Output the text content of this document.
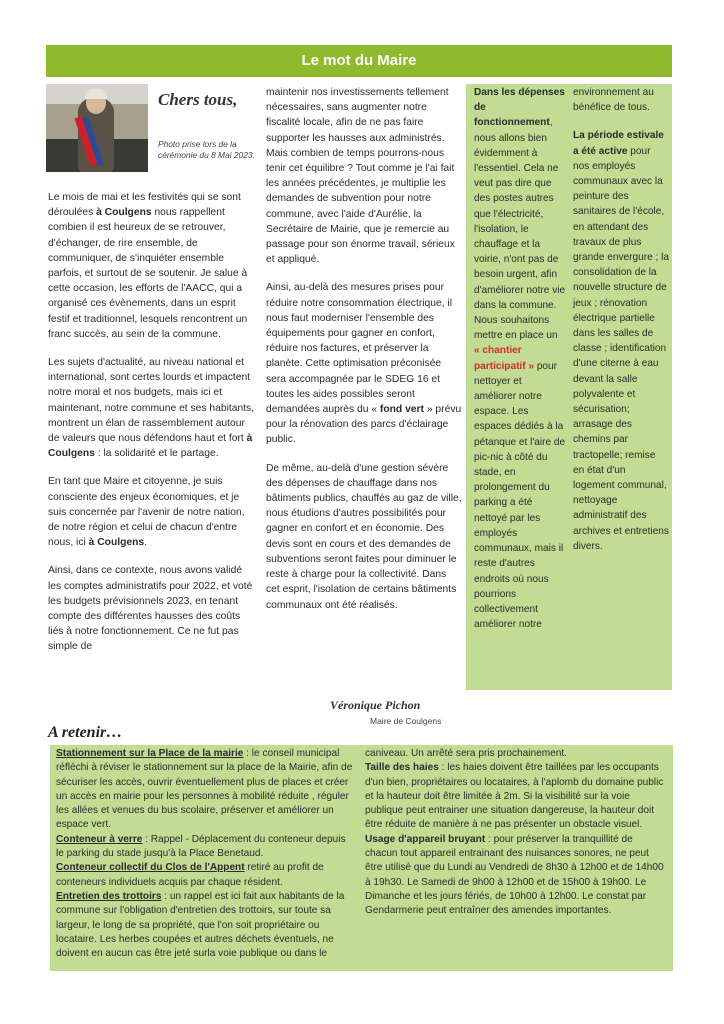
Le mot du Maire
Chers tous,
Photo prise lors de la cérémonie du 8 Mai 2023.

Le mois de mai et les festivités qui se sont déroulées à Coulgens nous rappellent combien il est heureux de se retrouver, d'échanger, de rire ensemble, de communiquer, de s'inquiéter ensemble parfois, et surtout de se soutenir. Je salue à cette occasion, les efforts de l'AACC, qui a organisé ces évènements, dans un esprit festif et traditionnel, lesquels rencontrent un franc succès, au sein de la commune.

Les sujets d'actualité, au niveau national et international, sont certes lourds et impactent notre moral et nos budgets, mais ici et maintenant, notre commune et ses habitants, montrent un élan de rassemblement autour de valeurs que nous défendons haut et fort à Coulgens : la solidarité et le partage.

En tant que Maire et citoyenne, je suis consciente des enjeux économiques, et je suis concernée par l'avenir de notre nation, de notre région et celui de chacun d'entre nous, ici à Coulgens.

Ainsi, dans ce contexte, nous avons validé les comptes administratifs pour 2022, et voté les budgets prévisionnels 2023, en tenant compte des différentes hausses des coûts liés à notre fonctionnement. Ce ne fut pas simple de

maintenir nos investissements tellement nécessaires, sans augmenter notre fiscalité locale, afin de ne pas faire supporter les hausses aux administrés. Mais combien de temps pourrons-nous tenir cet équilibre ? Tout comme je l'ai fait les années précédentes, je multiplie les demandes de subvention pour notre commune, avec l'aide d'Aurélie, la Secrétaire de Mairie, que je remercie au passage pour son énorme travail, sérieux et appliqué.

Ainsi, au-delà des mesures prises pour réduire notre consommation électrique, il nous faut moderniser l'ensemble des équipements pour gagner en confort, réduire nos factures, et préserver la planète. Cette optimisation préconisée sera accompagnée par le SDEG 16 et toutes les aides possibles seront demandées auprès du « fond vert » prévu pour la rénovation des parcs d'éclairage public.

De même, au-delà d'une gestion sévère des dépenses de chauffage dans nos bâtiments publics, chauffés au gaz de ville, nous étudions d'autres possibilités pour gagner en confort et en économie. Des devis sont en cours et des demandes de subventions seront faites pour diminuer le reste à charge pour la collectivité. Dans cet esprit, l'isolation de certains bâtiments communaux ont été réalisés.

Dans les dépenses de fonctionnement, nous allons bien évidemment à l'essentiel. Cela ne veut pas dire que des postes autres que l'électricité, l'isolation, le chauffage et la voirie, n'ont pas de besoin urgent, afin d'améliorer notre vie dans la commune. Nous souhaitons mettre en place un « chantier participatif » pour nettoyer et améliorer notre espace. Les espaces dédiés à la pétanque et l'aire de pic-nic à côté du stade, en prolongement du parking a été nettoyé par les employés communaux, mais il reste d'autres endroits où nous pourrions collectivement améliorer notre
environnement au bénéfice de tous.
La période estivale a été active pour nos employés communaux avec la peinture des sanitaires de l'école, en attendant des travaux de plus grande envergure ; la consolidation de la nouvelle structure de jeux ; rénovation électrique partielle dans les salles de classe ; identification d'une citerne à eau devant la salle polyvalente et sécurisation; arrasage des chemins par tractopelle; remise en état d'un logement communal, nettoyage administratif des archives et entretiens divers.
Véronique Pichon
Maire de Coulgens
A retenir…

Stationnement sur la Place de la mairie : le conseil municipal réfléchi à réviser le stationnement sur la place de la Mairie, afin de sécuriser les accès, ouvrir éventuellement plus de places et créer un accès en mairie pour les personnes à mobilité réduite , réguler les allées et venues du bus scolaire, préserver et améliorer un espace vert.

Conteneur à verre : Rappel - Déplacement du conteneur depuis le parking du stade jusqu'à la Place Benetaud.

Conteneur collectif du Clos de l'Appent retiré au profit de conteneurs individuels acquis par chaque résident.

Entretien des trottoirs : un rappel est ici fait aux habitants de la commune sur l'obligation d'entretien des trottoirs, sur toute sa largeur, le long de sa propriété, que l'on soit propriétaire ou locataire. Les herbes coupées et autres déchets éventuels, ne doivent en aucun cas être jeté surla voie publique ou dans le

caniveau. Un arrêté sera pris prochainement.

Taille des haies : les haies doivent être taillées par les occupants d'un bien, propriétaires ou locataires, à l'aplomb du domaine public et la hauteur doit être limitée à 2m. Si la visibilité sur la voie publique peut entrainer une situation dangereuse, la hauteur doit être réduite de manière à ne pas présenter un obstacle visuel.

Usage d'appareil bruyant : pour préserver la tranquillité de chacun tout appareil entrainant des nuisances sonores, ne peut être utilisé que du Lundi au Vendredi de 8h30 à 12h00 et de 14h00 à 19h30. Le Samedi de 9h00 à 12h00 et de 15h00 à 19h00. Le Dimanche et les jours fériés, de 10h00 à 12h00. Le constat par Gendarmerie peut entraîner des amendes importantes.
